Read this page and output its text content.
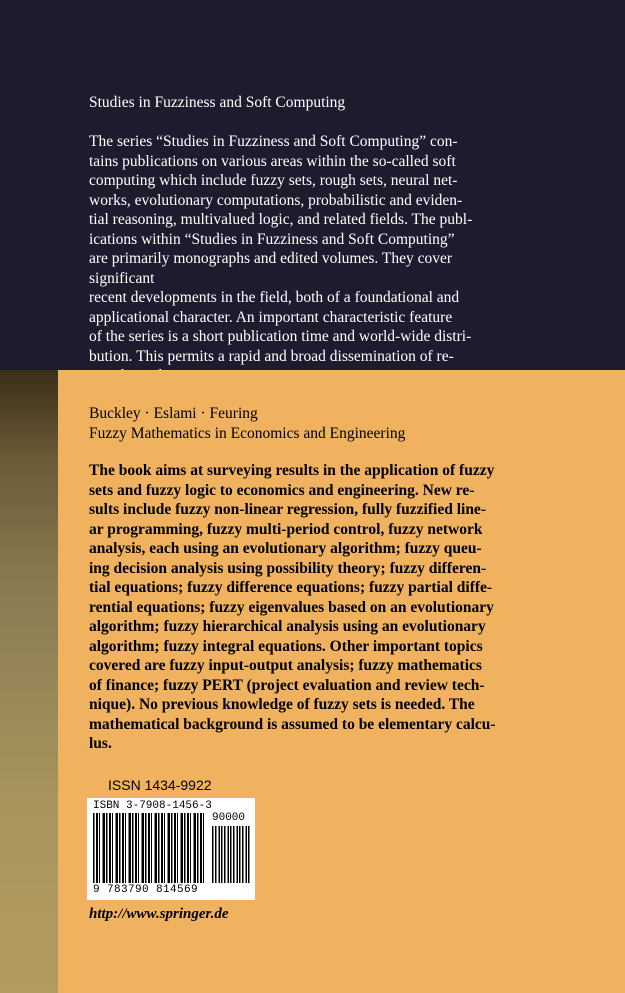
Studies in Fuzziness and Soft Computing

The series “Studies in Fuzziness and Soft Computing” con-
tains publications on various areas within the so-called soft
computing which include fuzzy sets, rough sets, neural net-
works, evolutionary computations, probabilistic and eviden-
tial reasoning, multivalued logic, and related fields. The publ-
ications within “Studies in Fuzziness and Soft Computing”
are primarily monographs and edited volumes. They cover
significant
recent developments in the field, both of a foundational and
applicational character. An important characteristic feature
of the series is a short publication time and world-wide distri-
bution. This permits a rapid and broad dissemination of re-

Buckley · Eslami · Feuring
Fuzzy Mathematics in Economics and Engineering

The book aims at surveying results in the application of fuzzy
sets and fuzzy logic to economics and engineering. New re-
sults include fuzzy non-linear regression, fully fuzzified line-
ar programming, fuzzy multi-period control, fuzzy network
analysis, each using an evolutionary algorithm; fuzzy queu-
ing decision analysis using possibility theory; fuzzy differen-
tial equations; fuzzy difference equations; fuzzy partial diffe-
rential equations; fuzzy eigenvalues based on an evolutionary
algorithm; fuzzy hierarchical analysis using an evolutionary
algorithm; fuzzy integral equations. Other important topics
covered are fuzzy input-output analysis; fuzzy mathematics
of finance; fuzzy PERT (project evaluation and review tech-
nique). No previous knowledge of fuzzy sets is needed. The
mathematical background is assumed to be elementary calcu-
lus.

ISSN 1434-9922
ISBN 3-7908-1456-3
90000
9 783790 814569
http://www.springer.de
